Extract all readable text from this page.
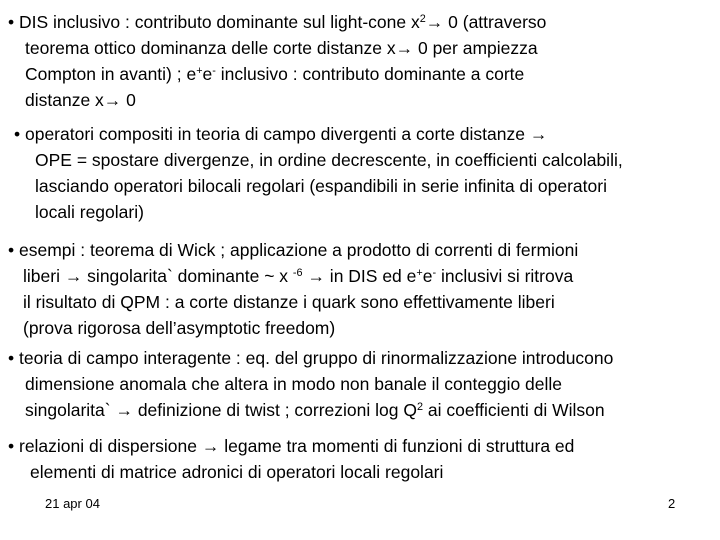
• DIS inclusivo : contributo dominante sul light-cone $x^2\to 0$ (attraverso
teorema ottico dominanza delle corte distanze x→ 0 per ampiezza
Compton in avanti) ; e+e- inclusivo : contributo dominante a corte
distanze x→ 0
• operatori compositi in teoria di campo divergenti a corte distanze →
OPE = spostare divergenze, in ordine decrescente, in coefficienti calcolabili,
lasciando operatori bilocali regolari (espandibili in serie infinita di operatori
locali regolari)
• esempi : teorema di Wick ; applicazione a prodotto di correnti di fermioni
liberi → singolarita` dominante ~ x $^{-6}$ → in DIS ed e+e- inclusivi si ritrova
il risultato di QPM : a corte distanze i quark sono effettivamente liberi
(prova rigorosa dell’asymptotic freedom)
• teoria di campo interagente : eq. del gruppo di rinormalizzazione introducono
dimensione anomala che altera in modo non banale il conteggio delle
singolarita` → definizione di twist ; correzioni $\log Q^2$ ai coefficienti di Wilson
• relazioni di dispersione → legame tra momenti di funzioni di struttura ed
elementi di matrice adronici di operatori locali regolari
21 apr 04	2
